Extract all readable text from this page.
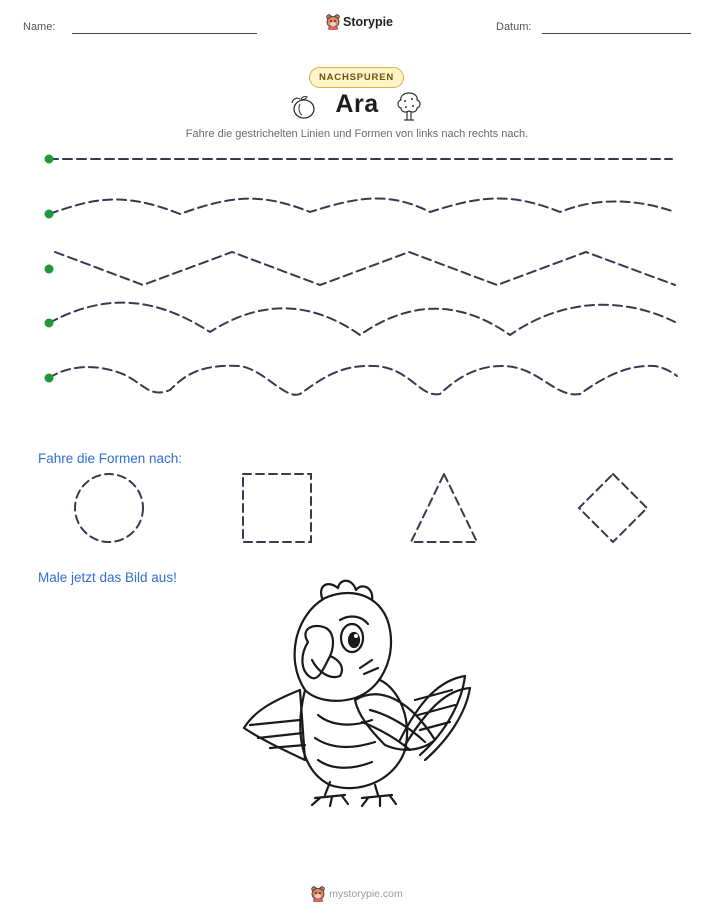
Name:	Storypie	Datum:
NACHSPUREN
Ara
Fahre die gestrichelten Linien und Formen von links nach rechts nach.
Fahre die Formen nach:
Male jetzt das Bild aus!
mystorypie.com
